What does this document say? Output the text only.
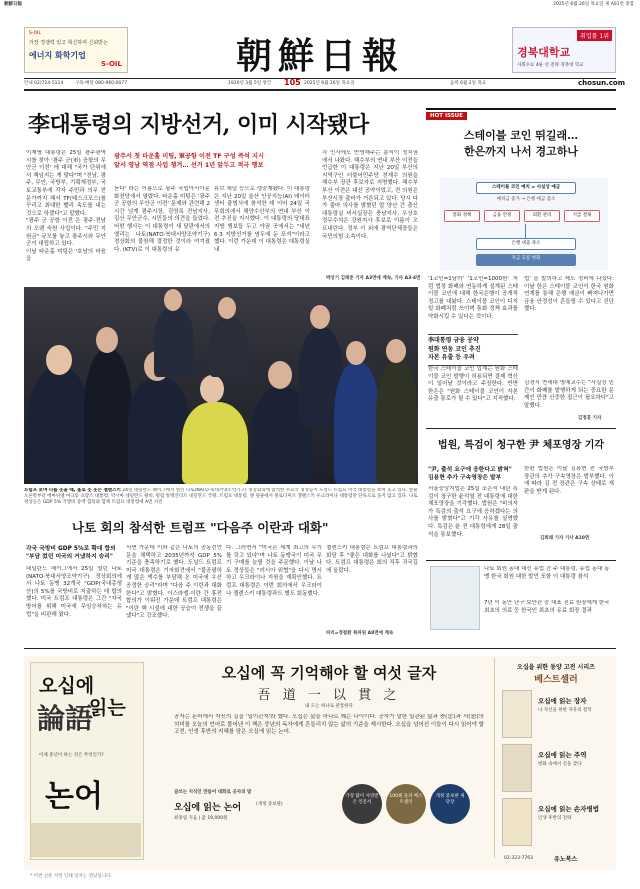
朝鮮日報	2025년 6월 26일 목요일 제 A01면 종합
S-OIL
가장 경쟁력 있고 혁신하며 신뢰받는
에너지 화학기업
S-OIL	朝鮮日報	취업률 1위
경북대학교
사회수요 4륜 선 전략 경북대 학교
안내 02)724-5114	구독·배달 080-960-0077	1920년 3월 5일 창간 105 2025년 6월 26일 목요일	음력 6월 2일 목요	chosun.com
李대통령의 지방선거, 이미 시작됐다
이재명 대통령은 25일 광주광역시를 찾아 '광주 군(軍) 공항의 무안군 이전' 에 대해 "국가 단위에서 책임지는 게 맞다"며 "전남, 광주, 무안, 국방부, 기획재정부, 국토교통부에 각자 주민과 의무 전문가까지 해서 TF(태스크포스)를 꾸리고 최대한 빨리 속도를 내는 것으로 하겠다"고 말했다.
"광주 군 공항 이전 은 광주·전남의 오랜 숙원 사업이다. "주민 지원금" 규모를 놓고 광주시와 무안군이 대립하고 있다.
이날 타운홀 미팅은 '호남의 마음을
광주서 첫 타운홀 미팅, 軍공항 이전 TF 구성 즉석 지시
앞서 영남 역점 사업 챙겨… 선거 1년 앞두고 적극 행보
듣다' 라는 이름으로 광주 국립아시아문화전당에서 열렸다. 타운홀 미팅은 '광주 군 공항의 무안군 이전' 문제와 관련해 2시간 넘게 광주시장, 김영록 전남지사, 김산 무안군수, 시민들의 의견을 들었다. 어떤 행사는 이 대통령이 새 달판에서의 엘리는 나토(NATO·북대서양조약기구) 정상회의 불참해 결정한 것이라 여겨졌다. (KTV)로 이 대통령의 유
튜브 채널 등으로 생중계됐다. 이 대통령은 지난 20일 울산 인공지능(AI) 데이터센터 출범식에 참석한 데 이어 24일 국무회의에서 해양수산부의 연내 부산 이전 추진을 지시했다. 이 대통령의 당대표 지방 행보들 두고 야권 곳에서는 "내년 6·3 지방선거를 염두에 둔 포석"이라고 했다. 이런 가운데 이 대통령은 대통령실 내
각 인사에도 반영해주는 분석이 정치권에서 나왔다. 해수부의 연내 부산 이전을 언급한 이 대통령은 지난 20일 부산의 지역구인 더불어민주당 전재수 의원을 해수부 장관 후보자로 지명했다. 해수부 부산 이전은 대선 공약이었고, 전 의원은 부산시장 출마가 거론되고 있다. 당시 다가 출마 의사를 밝혔던 말 양산 간 출신 대통령실 비서실장은 충남지사, 우상호 정무수석은 강원지사 후보로 이름이 오르내린다. 정부 이 외에 광역단체장들은 국민의힘 소속이다.
박상기 김태준 기자 A3면에 계속, 기사 A3·4면
트럼프 보며 다를 웃을 때, 홀로 웃 웃는 젤렌스키 24일 네덜란드 헤이그에서 열린 나토(NATO·북대서양조약기구) 정상회의에 참석한 주요국 정상들이 도널드 트럼프 미국 대통령을 보며 웃고 있다. 앞줄 오른쪽부터 에마뉘엘 마크롱 프랑스 대통령, 막시마 네덜란드 왕비, 빌럼 알렉산더르 네덜란드 국왕, 트럼프 대통령. 맨 뒷줄에서 볼로디미르 젤렌스키 우크라이나 대통령만 단독으로 웃지 않고 있다. 나토 정상들은 GDP 5% 국방비 증액 합의와 함께 트럼프 대통령에 A면 사진
나토 회의 참석한 트럼프 "다음주 이란과 대화"
각국 국방비 GDP 5%로 확대 합의
"부담 컸던 미국의 거냈하지 승리"
네덜란드 헤이그에서 25일 열린 나토(NATO·북대서양조약기구) 정상회의에서 나토 동맹 32개국 "GDP(국내총생산)의 5%를 국방비로 지출하는 데 합의했다. 미국 트럼프 대통령은 그간 "자국 방어를 위해 미국에 무임승차하는 유럽"을 비판해 왔다.
서면 가운데 이와 같은 나토의 공동선언문을 채택하고 2035년까지 GDP 5% 기준을 충족하기로 했다. 도널드 트럼프 미국 대통령은 기자회견에서 "불공평하게 많은 액수를 부담해 온 미국에 우선 공정한 승리"라며 "다음 주 이란과 대화한다"고 밝혔다. 이스라엘·이란 간 휴전 합의가 이뤄진 가운데 트럼프 대통령은 "이란 핵 시설에 대한 공습이 전쟁을 끝냈다"고 강조했다.
다. 그러면서 "미국은 세계 최고의 무기를 갖고 있다"며 나토 동맹국이 미국 무기 구매를 늘릴 것을 주문했다. 이날 나토 정상들은 "러시아 위협"을 다시 명시하고 우크라이나 지원을 재확인했다. 트럼프 대통령은 이번 회의에서 우크라이나 젤렌스키 대통령과도 별도 회동했다.
젤렌스키 대통령은 트럼프 대통령과의 회담 후 "좋은 대화를 나눴다"고 밝혔다. 트럼프 대통령은 회의 직후 귀국길에 올랐다.
파리=정철환 특파원 A8면에 계속
HOT ISSUE
스테이블 코인 뛰길래…
한은까지 나서 경고하나
스테이블 코인 예치 = 사실상 예금
예치금 증가 → 은행 예금 감소
통화 정책	금융 안정	외환 관리	지급 결제
은행 대출 축소
자금 흐름 변화
'1코인=1달러' '1코인=1000원' 처럼 법정 화폐와 연동하게 설계된 스테이블 코인에 대해 한국은행이 공개적 경고를 내놨다. 스테이블 코인이 디지털 화폐처럼 쓰이며 통화 정책 효과를 약화시킬 수 있다는 것이다.
법' 을 발의하고 제도 정비에 나섰다. 이날 한은 스테이블 코인이 한국 원화 연계를 통해 은행 예금이 빠져나가면 금융 안정성이 흔들릴 수 있다고 진단했다.
李대통령 금융 공약
원화 연동 코인 추진
자본 유출 등 우려
한국 스테이블 코인 업계는 원화 스테이블 코인 발행이 허용되면 결제 혁신이 일어날 것이라고 주장한다. 반면 한은은 "원화 스테이블 코인이 자본 유출 통로가 될 수 있다"고 지적했다.
김경식 연세대 명예교수는 "사실상 민간이 화폐를 발행하게 되는 중요한 문제인 만큼 신중한 접근이 필요하다"고 말했다.
김정훈 기자
법원, 특검이 청구한 尹 체포영장 기각
"尹, 출석 요구에 응한다고 밝혀"
김용현 추가 구속영장은 발부
서울중앙지법은 25일 조은석 내란 특검이 청구한 윤석열 전 대통령에 대한 체포영장을 기각했다. 법원은 "피의자가 특검의 출석 요구에 응하겠다는 의사를 밝혔다"고 기각 사유를 설명했다. 특검은 윤 전 대통령에게 28일 출석을 통보했다.
한편 법원은 이날 김용현 전 국방부 장관의 추가 구속영장은 발부했다. 이에 따라 김 전 장관은 구속 상태로 재판을 받게 된다.
김희래 기자 기사 A10면
나토 회원 동대 대신 유럽 간 주 대통령, 유럽 동대 동맹 한국 회원 대한 발언 포함 이 대통령 참석
7년 이 동안 단구 보안관 중 대표 진료 원장에게 한국 최초의 의료 등 한국인 최초의 유료 회장 결과
오십에
論語
읽는
논어
이제 중년이 하는 것은 무엇인가?
오십에 꼭 기억해야 할 여섯 글자
吾 道 一 以 貫 之
내 도는 하나로 관통한다
공자는 논어에서 자신의 길을 '일이관지'라 했다. 오십은 삶을 하나로 꿰는 나이이다. 공자가 말한 일관된 삶과 충(忠)과 서(恕)의 의미를 오늘의 언어로 풀어낸 이 책은 중년의 독자에게 흔들리지 않는 삶의 기준을 제시한다. 오십을 넘어선 이들이 다시 읽어야 할 고전, 인생 후반의 지혜를 담은 오십에 읽는 논어.
글쓰는 지식인 만들어 대화로 공자의 말
오십에 읽는 논어	(개정 증보판)
최종엽 지음 | 값 19,000원
가장 많이 사랑받은 인문서
100쇄 돌파 베스트셀러
개정 증보판 새 단장
오십을 위한 동양 고전 시리즈
베스트셀러
오십에 읽는 장자
나 자신을 위한 자유의 철학
오십에 읽는 주역
변화 속에서 길을 찾다
오십에 읽는 손자병법
인생 후반의 전략
02-323-7763	유노북스
* 이번 신문 지면 인쇄 일자는 전날입니다.
